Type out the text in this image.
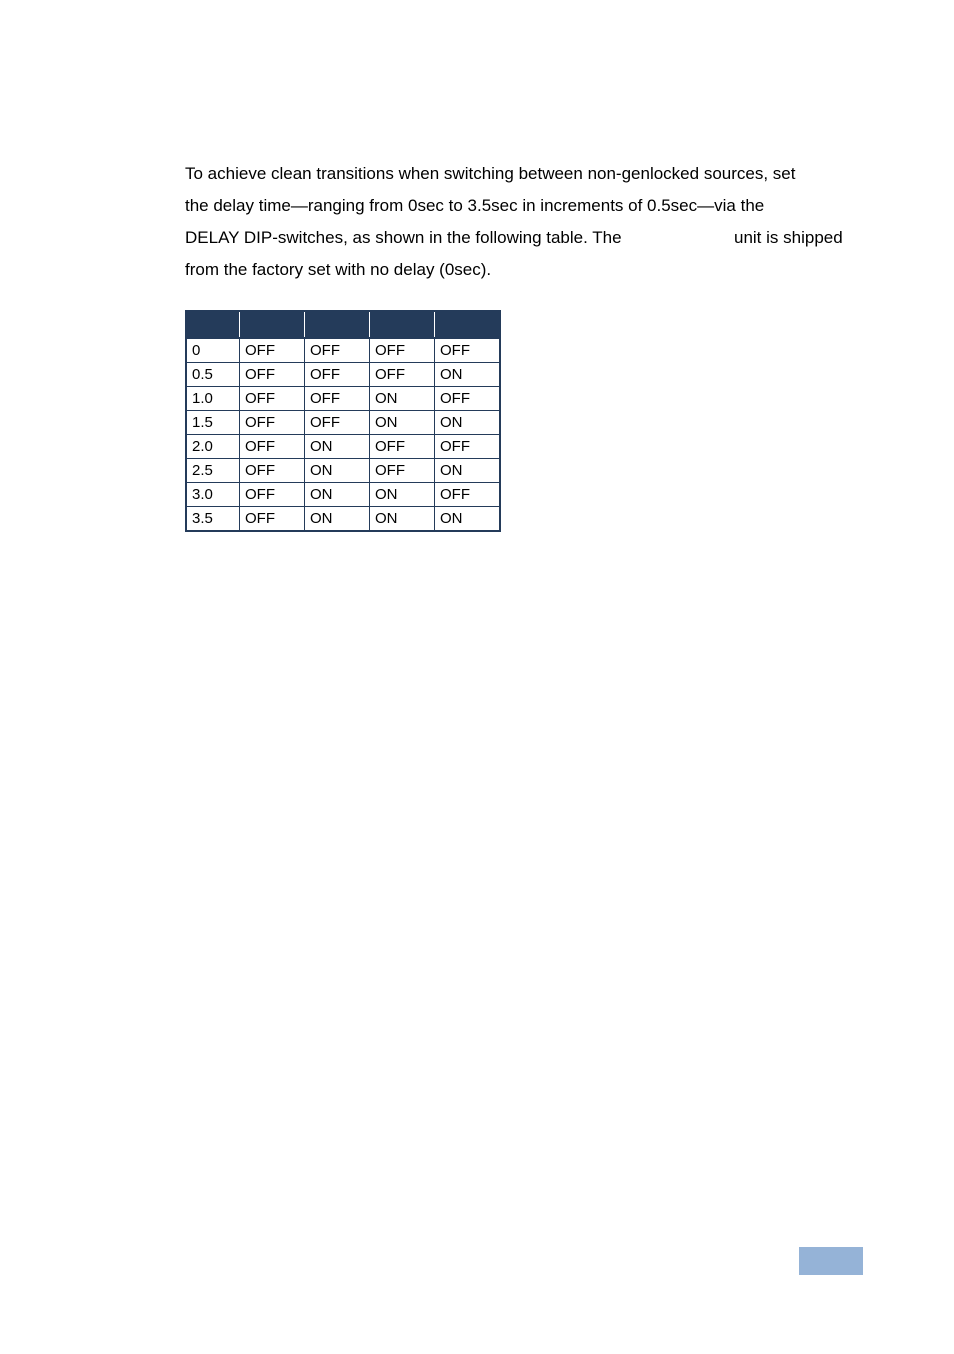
To achieve clean transitions when switching between non-genlocked sources, set
the delay time—ranging from 0sec to 3.5sec in increments of 0.5sec—via the
DELAY DIP-switches, as shown in the following table. The	unit is shipped
from the factory set with no delay (0sec).

0	OFF	OFF	OFF	OFF
0.5	OFF	OFF	OFF	ON
1.0	OFF	OFF	ON	OFF
1.5	OFF	OFF	ON	ON
2.0	OFF	ON	OFF	OFF
2.5	OFF	ON	OFF	ON
3.0	OFF	ON	ON	OFF
3.5	OFF	ON	ON	ON
